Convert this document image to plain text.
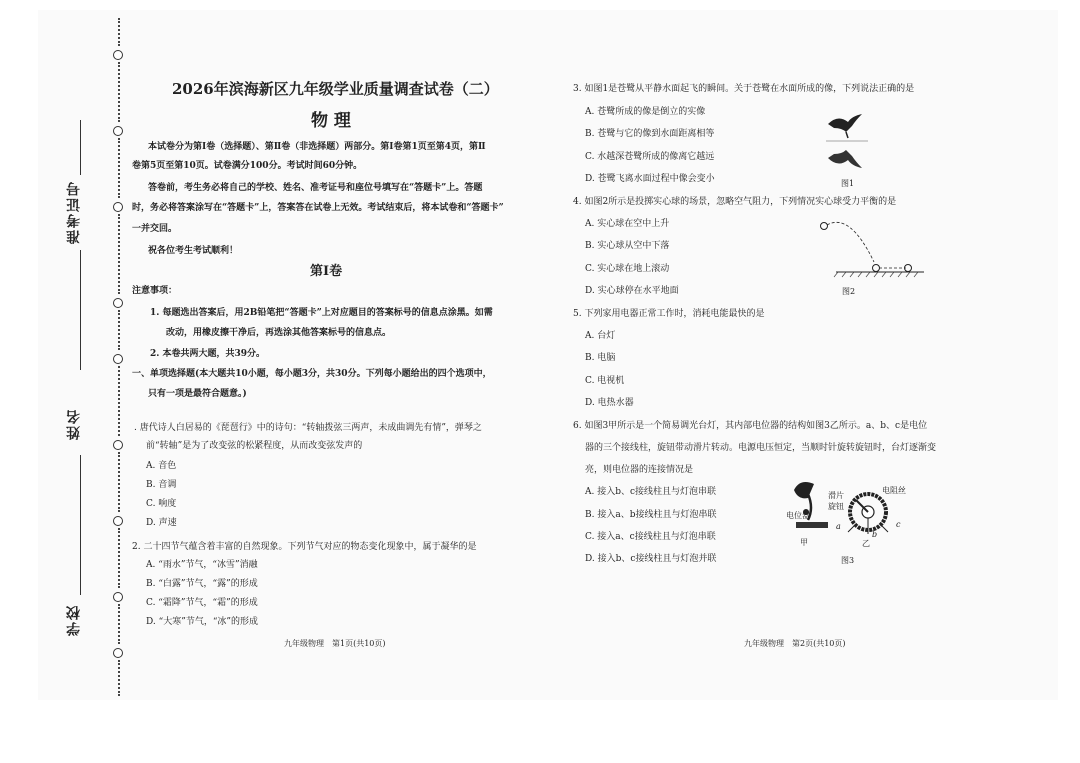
准考证号
姓名
学校
2026年滨海新区九年级学业质量调查试卷（二）
物 理
本试卷分为第Ⅰ卷（选择题）、第Ⅱ卷（非选择题）两部分。第Ⅰ卷第1页至第4页，第Ⅱ
卷第5页至第10页。试卷满分100分。考试时间60分钟。
答卷前，考生务必将自己的学校、姓名、准考证号和座位号填写在“答题卡”上。答题
时，务必将答案涂写在“答题卡”上，答案答在试卷上无效。考试结束后，将本试卷和“答题卡”
一并交回。
祝各位考生考试顺利！
第Ⅰ卷
注意事项：
1. 每题选出答案后，用2B铅笔把“答题卡”上对应题目的答案标号的信息点涂黑。如需
改动，用橡皮擦干净后，再选涂其他答案标号的信息点。
2. 本卷共两大题，共39分。
一、单项选择题(本大题共10小题，每小题3分，共30分。下列每小题给出的四个选项中，
只有一项是最符合题意。)
. 唐代诗人白居易的《琵琶行》中的诗句：“转轴拨弦三两声，未成曲调先有情”，弹琴之
前“转轴”是为了改变弦的松紧程度，从而改变弦发声的
A. 音色
B. 音调
C. 响度
D. 声速
2. 二十四节气蕴含着丰富的自然现象。下列节气对应的物态变化现象中，属于凝华的是
A. “雨水”节气，“冰雪”消融
B. “白露”节气，“露”的形成
C. “霜降”节气，“霜”的形成
D. “大寒”节气，“冰”的形成
九年级物理　第1页(共10页)
3. 如图1是苍鹭从平静水面起飞的瞬间。关于苍鹭在水面所成的像，下列说法正确的是
A. 苍鹭所成的像是倒立的实像
B. 苍鹭与它的像到水面距离相等
C. 水越深苍鹭所成的像离它越远
D. 苍鹭飞离水面过程中像会变小	图1
4. 如图2所示是投掷实心球的场景，忽略空气阻力，下列情况实心球受力平衡的是
A. 实心球在空中上升
B. 实心球从空中下落
C. 实心球在地上滚动
D. 实心球停在水平地面	图2
5. 下列家用电器正常工作时，消耗电能最快的是
A. 台灯
B. 电脑
C. 电视机
D. 电热水器
6. 如图3甲所示是一个简易调光台灯，其内部电位器的结构如图3乙所示。a、b、c是电位
器的三个接线柱，旋钮带动滑片转动。电源电压恒定，当顺时针旋转旋钮时，台灯逐渐变
亮，则电位器的连接情况是
A. 接入b、c接线柱且与灯泡串联
B. 接入a、b接线柱且与灯泡串联
C. 接入a、c接线柱且与灯泡串联
D. 接入b、c接线柱且与灯泡并联
电位器
甲
滑片
旋钮
电阻丝
a
b
c
乙
图3
九年级物理　第2页(共10页)
